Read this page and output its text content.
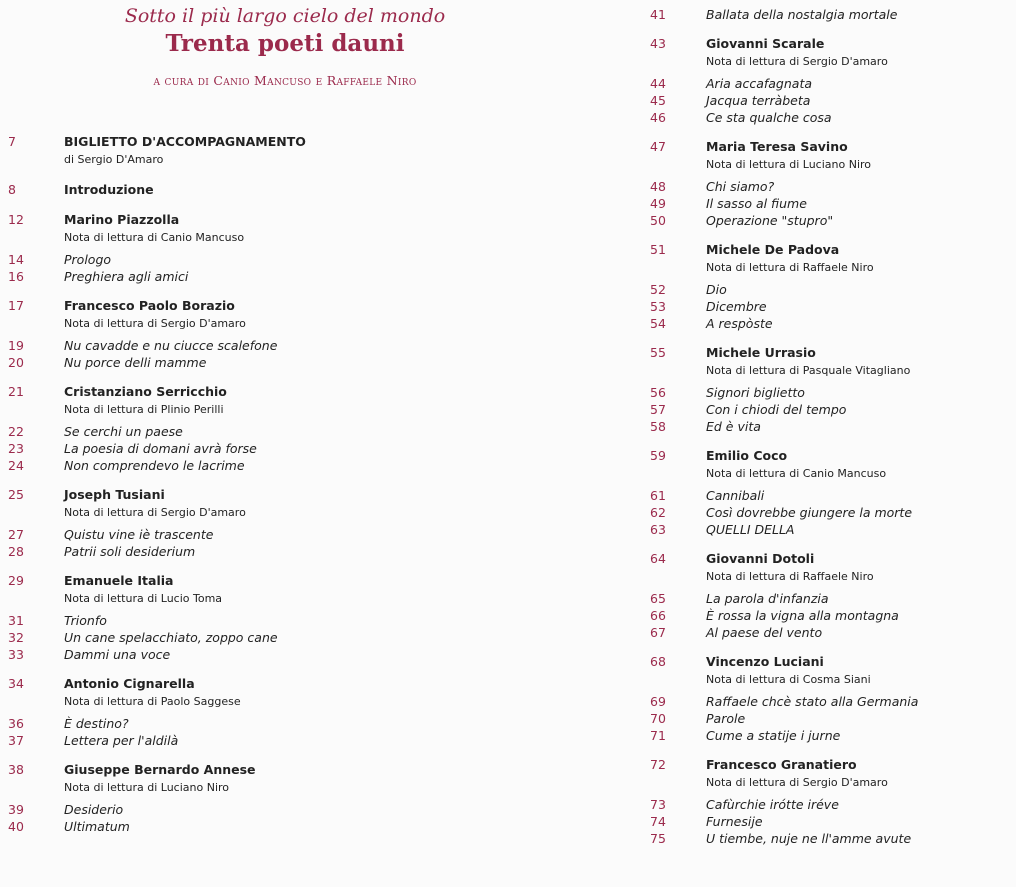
Sotto il più largo cielo del mondo
Trenta poeti dauni
a cura di Canio Mancuso e Raffaele Niro
7	BIGLIETTO D'ACCOMPAGNAMENTO
di Sergio D'Amaro
8	Introduzione
12	Marino Piazzolla
Nota di lettura di Canio Mancuso
14	Prologo
16	Preghiera agli amici
17	Francesco Paolo Borazio
Nota di lettura di Sergio D'amaro
19	Nu cavadde e nu ciucce scalefone
20	Nu porce delli mamme
21	Cristanziano Serricchio
Nota di lettura di Plinio Perilli
22	Se cerchi un paese
23	La poesia di domani avrà forse
24	Non comprendevo le lacrime
25	Joseph Tusiani
Nota di lettura di Sergio D'amaro
27	Quistu vine iè trascente
28	Patrii soli desiderium
29	Emanuele Italia
Nota di lettura di Lucio Toma
31	Trionfo
32	Un cane spelacchiato, zoppo cane
33	Dammi una voce
34	Antonio Cignarella
Nota di lettura di Paolo Saggese
36	È destino?
37	Lettera per l'aldilà
38	Giuseppe Bernardo Annese
Nota di lettura di Luciano Niro
39	Desiderio
40	Ultimatum
41	Ballata della nostalgia mortale
43	Giovanni Scarale
Nota di lettura di Sergio D'amaro
44	Aria accafagnata
45	Jacqua terràbeta
46	Ce sta qualche cosa
47	Maria Teresa Savino
Nota di lettura di Luciano Niro
48	Chi siamo?
49	Il sasso al fiume
50	Operazione "stupro"
51	Michele De Padova
Nota di lettura di Raffaele Niro
52	Dio
53	Dicembre
54	A respòste
55	Michele Urrasio
Nota di lettura di Pasquale Vitagliano
56	Signori biglietto
57	Con i chiodi del tempo
58	Ed è vita
59	Emilio Coco
Nota di lettura di Canio Mancuso
61	Cannibali
62	Così dovrebbe giungere la morte
63	QUELLI DELLA
64	Giovanni Dotoli
Nota di lettura di Raffaele Niro
65	La parola d'infanzia
66	È rossa la vigna alla montagna
67	Al paese del vento
68	Vincenzo Luciani
Nota di lettura di Cosma Siani
69	Raffaele chcè stato alla Germania
70	Parole
71	Cume a statije i jurne
72	Francesco Granatiero
Nota di lettura di Sergio D'amaro
73	Cafùrchie irótte iréve
74	Furnesije
75	U tiembe, nuje ne ll'amme avute
